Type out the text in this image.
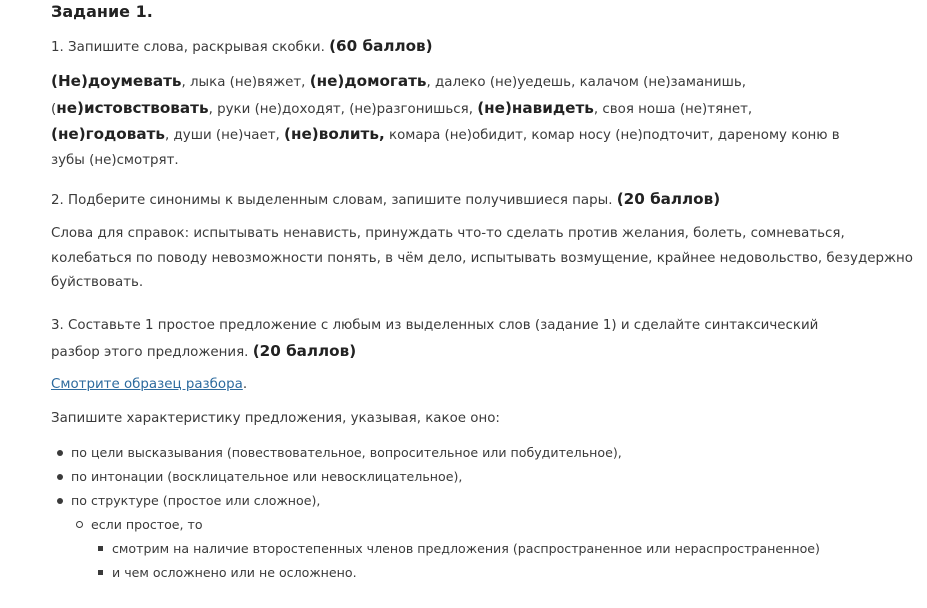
Задание 1.
1. Запишите слова, раскрывая скобки. (60 баллов)
(Не)доумевать, лыка (не)вяжет, (не)домогать, далеко (не)уедешь, калачом (не)заманишь, (не)истовствовать, руки (не)доходят, (не)разгонишься, (не)навидеть, своя ноша (не)тянет, (не)годовать, души (не)чает, (не)волить, комара (не)обидит, комар носу (не)подточит, дареному коню в зубы (не)смотрят.
2. Подберите синонимы к выделенным словам, запишите получившиеся пары. (20 баллов)
Слова для справок: испытывать ненависть, принуждать что-то сделать против желания, болеть, сомневаться, колебаться по поводу невозможности понять, в чём дело, испытывать возмущение, крайнее недовольство, безудержно буйствовать.
3. Составьте 1 простое предложение с любым из выделенных слов (задание 1) и сделайте синтаксический разбор этого предложения. (20 баллов)
Смотрите образец разбора.
Запишите характеристику предложения, указывая, какое оно:
по цели высказывания (повествовательное, вопросительное или побудительное),
по интонации (восклицательное или невосклицательное),
по структуре (простое или сложное),
если простое, то
смотрим на наличие второстепенных членов предложения (распространенное или нераспространенное)
и чем осложнено или не осложнено.
